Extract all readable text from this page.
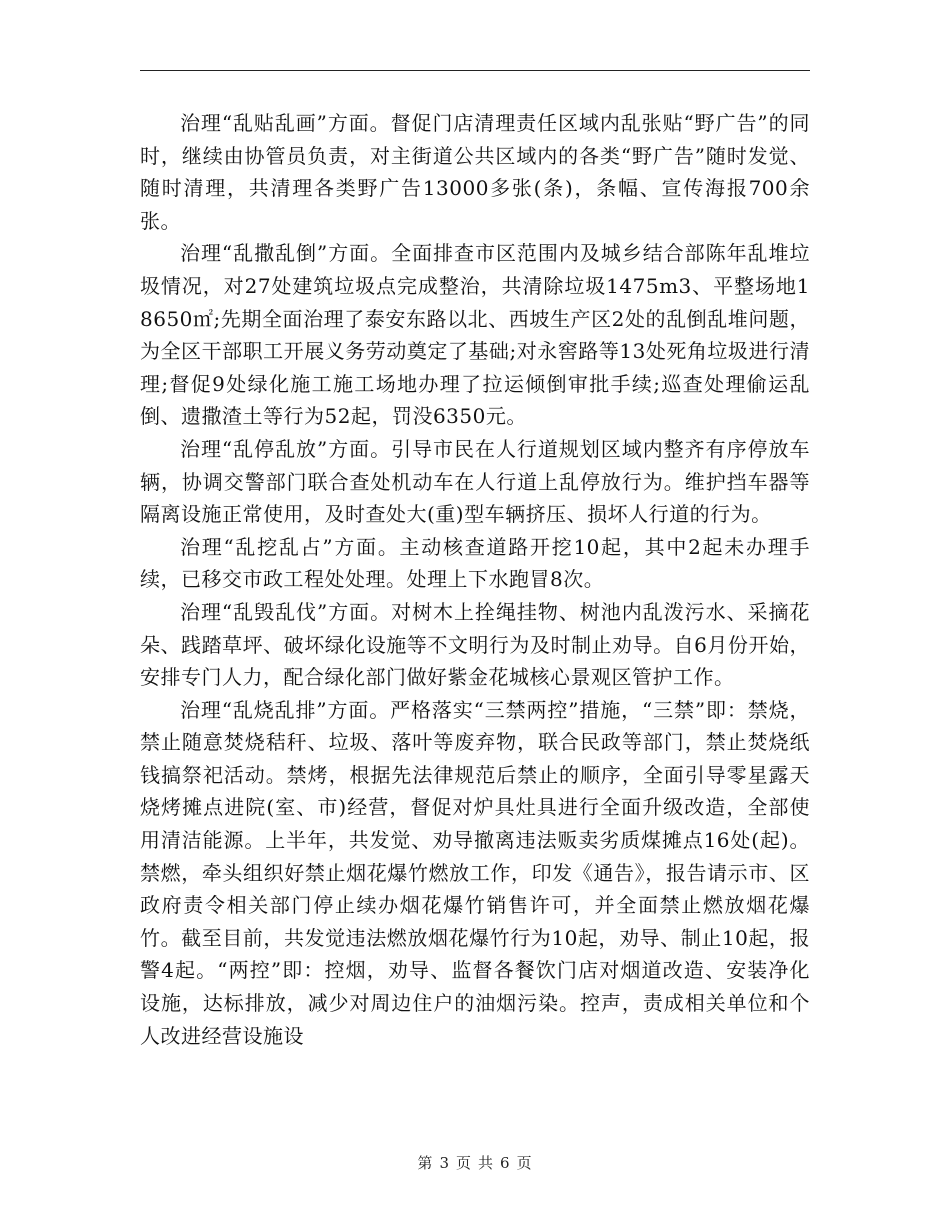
治理“乱贴乱画”方面。督促门店清理责任区域内乱张贴“野广告”的同时，继续由协管员负责，对主街道公共区域内的各类“野广告”随时发觉、随时清理，共清理各类野广告13000多张(条)，条幅、宣传海报700余张。

治理“乱撒乱倒”方面。全面排查市区范围内及城乡结合部陈年乱堆垃圾情况，对27处建筑垃圾点完成整治，共清除垃圾1475m3、平整场地18650㎡;先期全面治理了泰安东路以北、西坡生产区2处的乱倒乱堆问题，为全区干部职工开展义务劳动奠定了基础;对永窖路等13处死角垃圾进行清理;督促9处绿化施工施工场地办理了拉运倾倒审批手续;巡查处理偷运乱倒、遗撒渣土等行为52起，罚没6350元。

治理“乱停乱放”方面。引导市民在人行道规划区域内整齐有序停放车辆，协调交警部门联合查处机动车在人行道上乱停放行为。维护挡车器等隔离设施正常使用，及时查处大(重)型车辆挤压、损坏人行道的行为。

治理“乱挖乱占”方面。主动核查道路开挖10起，其中2起未办理手续，已移交市政工程处处理。处理上下水跑冒8次。

治理“乱毁乱伐”方面。对树木上拴绳挂物、树池内乱泼污水、采摘花朵、践踏草坪、破坏绿化设施等不文明行为及时制止劝导。自6月份开始，安排专门人力，配合绿化部门做好紫金花城核心景观区管护工作。

治理“乱烧乱排”方面。严格落实“三禁两控”措施，“三禁”即：禁烧，禁止随意焚烧秸秆、垃圾、落叶等废弃物，联合民政等部门，禁止焚烧纸钱搞祭祀活动。禁烤，根据先法律规范后禁止的顺序，全面引导零星露天烧烤摊点进院(室、市)经营，督促对炉具灶具进行全面升级改造，全部使用清洁能源。上半年，共发觉、劝导撤离违法贩卖劣质煤摊点16处(起)。禁燃，牵头组织好禁止烟花爆竹燃放工作，印发《通告》，报告请示市、区政府责令相关部门停止续办烟花爆竹销售许可，并全面禁止燃放烟花爆竹。截至目前，共发觉违法燃放烟花爆竹行为10起，劝导、制止10起，报警4起。“两控”即：控烟，劝导、监督各餐饮门店对烟道改造、安装净化设施，达标排放，减少对周边住户的油烟污染。控声，责成相关单位和个人改进经营设施设

第 3 页 共 6 页
